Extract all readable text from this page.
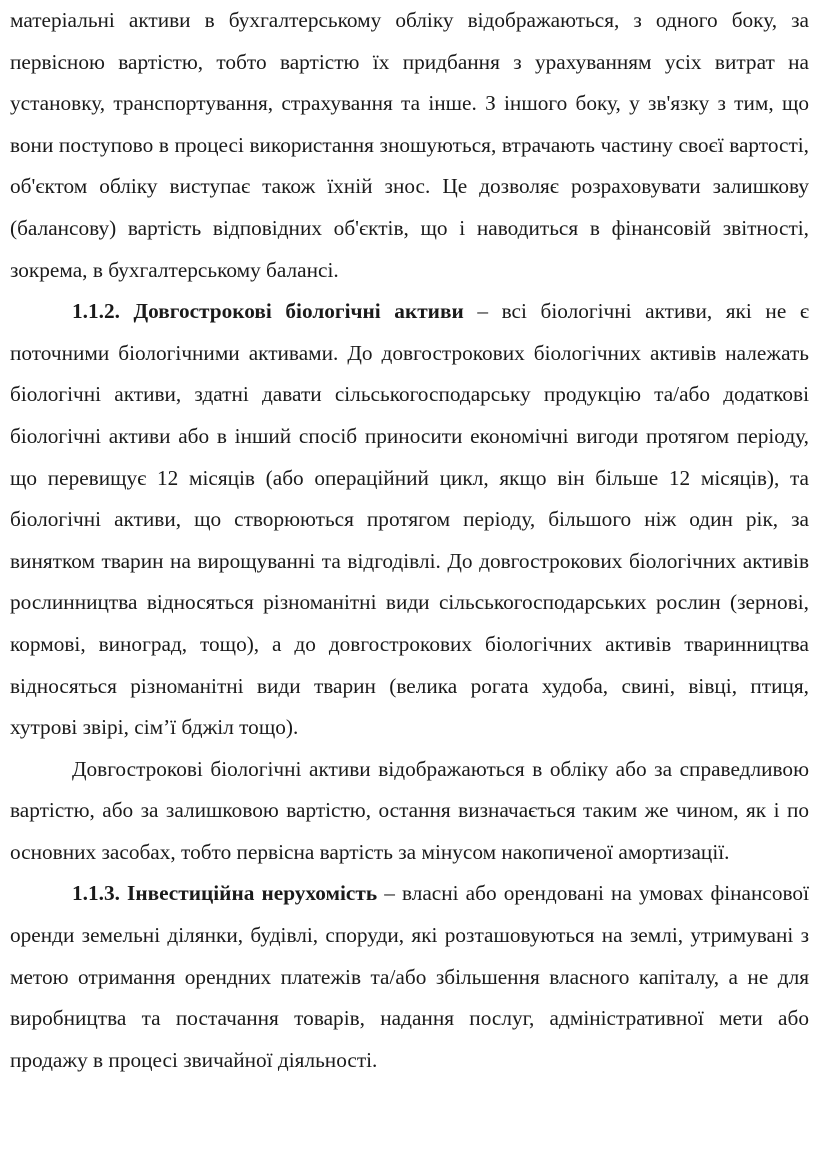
матеріальні активи в бухгалтерському обліку відображаються, з одного боку, за первісною вартістю, тобто вартістю їх придбання з урахуванням усіх витрат на установку, транспортування, страхування та інше. З іншого боку, у зв'язку з тим, що вони поступово в процесі використання зношуються, втрачають частину своєї вартості, об'єктом обліку виступає також їхній знос. Це дозволяє розраховувати залишкову (балансову) вартість відповідних об'єктів, що і наводиться в фінансовій звітності, зокрема, в бухгалтерському балансі.

1.1.2. Довгострокові біологічні активи – всі біологічні активи, які не є поточними біологічними активами. До довгострокових біологічних активів належать біологічні активи, здатні давати сільськогосподарську продукцію та/або додаткові біологічні активи або в інший спосіб приносити економічні вигоди протягом періоду, що перевищує 12 місяців (або операційний цикл, якщо він більше 12 місяців), та біологічні активи, що створюються протягом періоду, більшого ніж один рік, за винятком тварин на вирощуванні та відгодівлі. До довгострокових біологічних активів рослинництва відносяться різноманітні види сільськогосподарських рослин (зернові, кормові, виноград, тощо), а до довгострокових біологічних активів тваринництва відносяться різноманітні види тварин (велика рогата худоба, свині, вівці, птиця, хутрові звірі, сім’ї бджіл тощо).

Довгострокові біологічні активи відображаються в обліку або за справедливою вартістю, або за залишковою вартістю, остання визначається таким же чином, як і по основних засобах, тобто первісна вартість за мінусом накопиченої амортизації.

1.1.3. Інвестиційна нерухомість – власні або орендовані на умовах фінансової оренди земельні ділянки, будівлі, споруди, які розташовуються на землі, утримувані з метою отримання орендних платежів та/або збільшення власного капіталу, а не для виробництва та постачання товарів, надання послуг, адміністративної мети або продажу в процесі звичайної діяльності.
